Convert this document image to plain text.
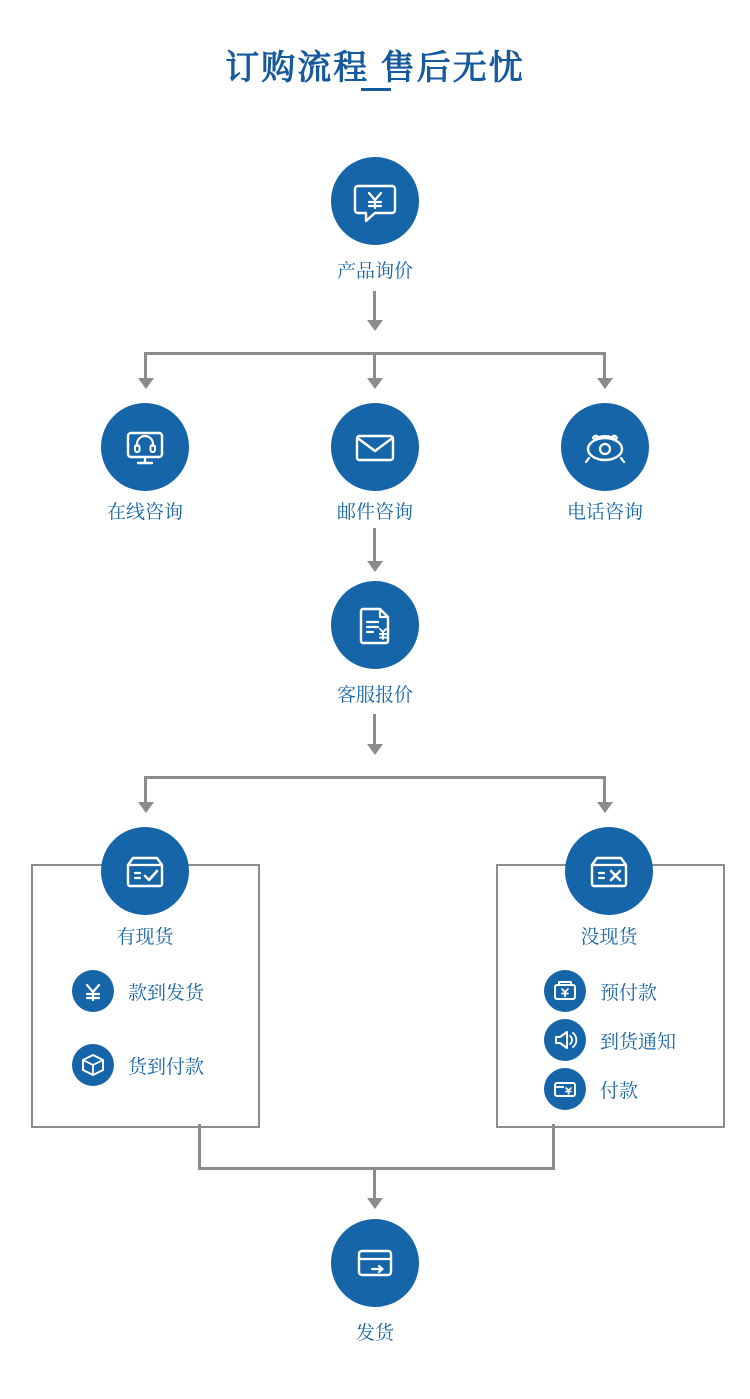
订购流程 售后无忧
产品询价
在线咨询	邮件咨询	电话咨询
客服报价
有现货
款到发货
货到付款
没现货
预付款
到货通知
付款
发货
